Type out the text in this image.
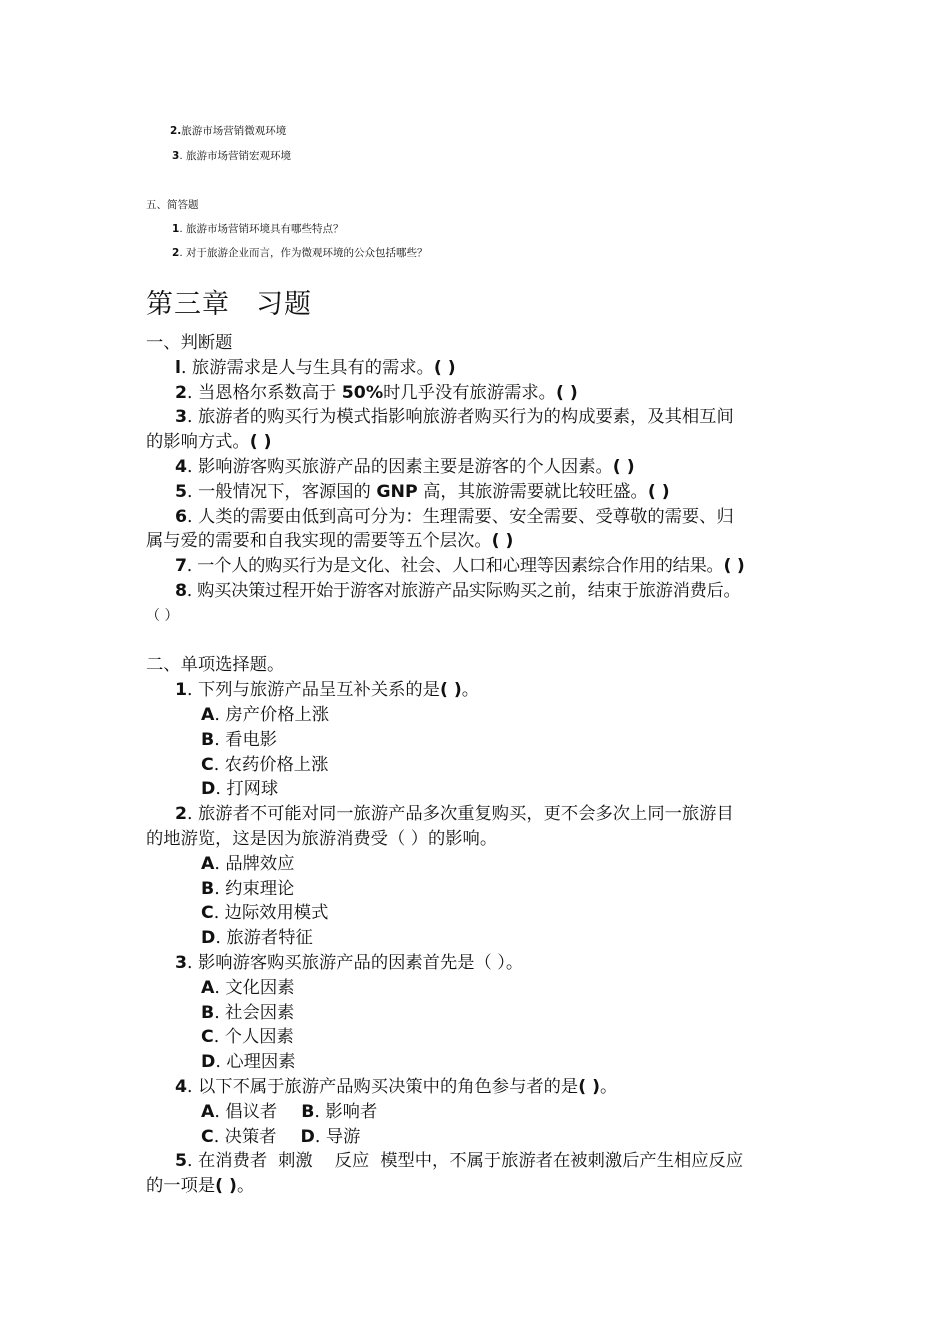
2.旅游市场营销微观环境
3. 旅游市场营销宏观环境
五、简答题
1. 旅游市场营销环境具有哪些特点？
2. 对于旅游企业而言，作为微观环境的公众包括哪些？
第三章 习题

一、判断题

l. 旅游需求是人与生具有的需求。( )

2. 当恩格尔系数高于 50%时几乎没有旅游需求。( )

3. 旅游者的购买行为模式指影响旅游者购买行为的构成要素，及其相互间

的影响方式。( )

4. 影响游客购买旅游产品的因素主要是游客的个人因素。( )

5. 一般情况下，客源国的 GNP 高，其旅游需要就比较旺盛。( )

6. 人类的需要由低到高可分为：生理需要、安全需要、受尊敬的需要、归

属与爱的需要和自我实现的需要等五个层次。( )

7. 一个人的购买行为是文化、社会、人口和心理等因素综合作用的结果。( )

8. 购买决策过程开始于游客对旅游产品实际购买之前，结束于旅游消费后。

（ ）

二、单项选择题。

1. 下列与旅游产品呈互补关系的是( )。

A. 房产价格上涨

B. 看电影

C. 农药价格上涨

D. 打网球

2. 旅游者不可能对同一旅游产品多次重复购买，更不会多次上同一旅游目

的地游览，这是因为旅游消费受（ ）的影响。

A. 品牌效应

B. 约束理论

C. 边际效用模式

D. 旅游者特征

3. 影响游客购买旅游产品的因素首先是（ ）。

A. 文化因素

B. 社会因素

C. 个人因素

D. 心理因素

4. 以下不属于旅游产品购买决策中的角色参与者的是( )。

A. 倡议者 B. 影响者

C. 决策者 D. 导游

5. 在消费者  刺激    反应  模型中，不属于旅游者在被刺激后产生相应反应

的一项是( )。
